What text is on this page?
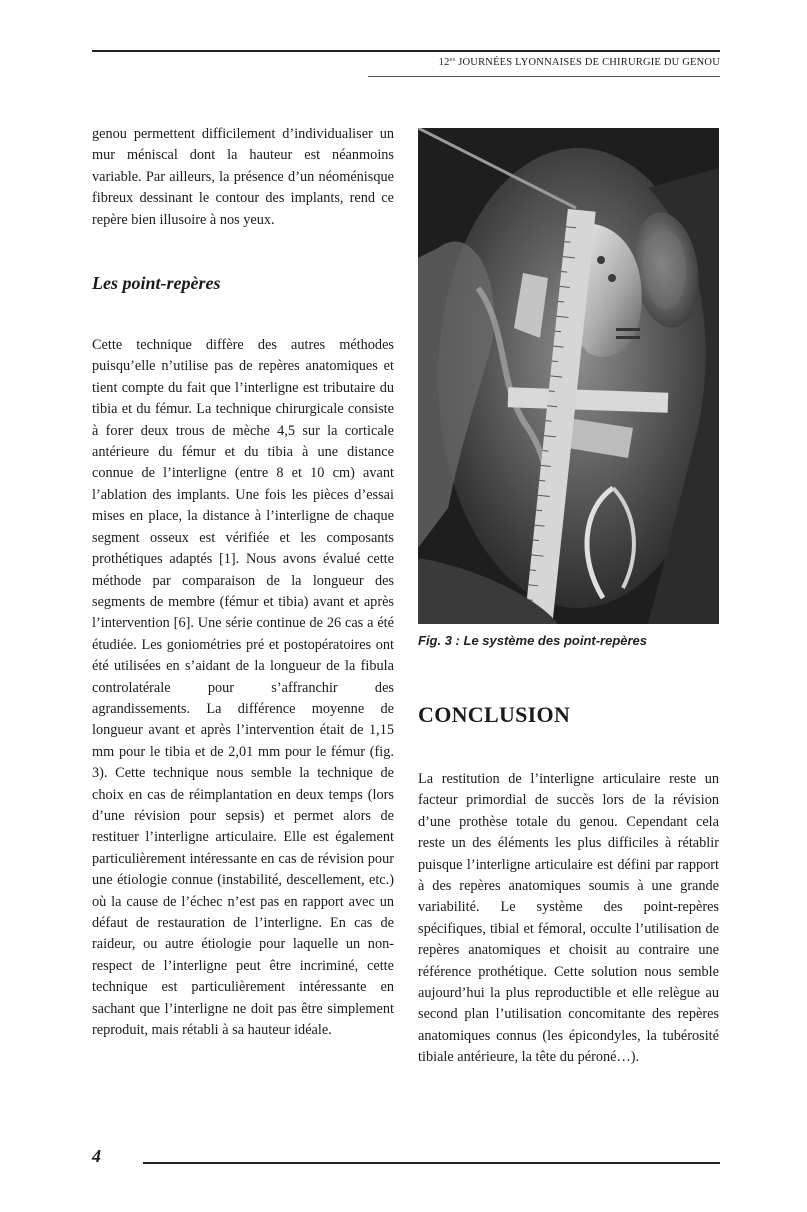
$12^{es}$ JOURNÉES LYONNAISES DE CHIRURGIE DU GENOU

genou permettent difficilement d’individualiser un mur méniscal dont la hauteur est néanmoins variable. Par ailleurs, la présence d’un néoménisque fibreux dessinant le contour des implants, rend ce repère bien illusoire à nos yeux.

Les point-repères

Cette technique diffère des autres méthodes puisqu’elle n’utilise pas de repères anatomiques et tient compte du fait que l’interligne est tributaire du tibia et du fémur. La technique chirurgicale consiste à forer deux trous de mèche 4,5 sur la corticale antérieure du fémur et du tibia à une distance connue de l’interligne (entre 8 et 10 cm) avant l’ablation des implants. Une fois les pièces d’essai mises en place, la distance à l’interligne de chaque segment osseux est vérifiée et les composants prothétiques adaptés [1]. Nous avons évalué cette méthode par comparaison de la longueur des segments de membre (fémur et tibia) avant et après l’intervention [6]. Une série continue de 26 cas a été étudiée. Les goniométries pré et postopératoires ont été utilisées en s’aidant de la longueur de la fibula controlatérale pour s’affranchir des agrandissements. La différence moyenne de longueur avant et après l’intervention était de 1,15 mm pour le tibia et de 2,01 mm pour le fémur (fig. 3). Cette technique nous semble la technique de choix en cas de réimplantation en deux temps (lors d’une révision pour sepsis) et permet alors de restituer l’interligne articulaire. Elle est également particulièrement intéressante en cas de révision pour une étiologie connue (instabilité, descellement, etc.) où la cause de l’échec n’est pas en rapport avec un défaut de restauration de l’interligne. En cas de raideur, ou autre étiologie pour laquelle un non-respect de l’interligne peut être incriminé, cette technique est particulièrement intéressante en sachant que l’interligne ne doit pas être simplement reproduit, mais rétabli à sa hauteur idéale.

Fig. 3 : Le système des point-repères
CONCLUSION

La restitution de l’interligne articulaire reste un facteur primordial de succès lors de la révision d’une prothèse totale du genou. Cependant cela reste un des éléments les plus difficiles à rétablir puisque l’interligne articulaire est défini par rapport à des repères anatomiques soumis à une grande variabilité. Le système des point-repères spécifiques, tibial et fémoral, occulte l’utilisation de repères anatomiques et choisit au contraire une référence prothétique. Cette solution nous semble aujourd’hui la plus reproductible et elle relègue au second plan l’utilisation concomitante des repères anatomiques connus (les épicondyles, la tubérosité tibiale antérieure, la tête du péroné…).

4
